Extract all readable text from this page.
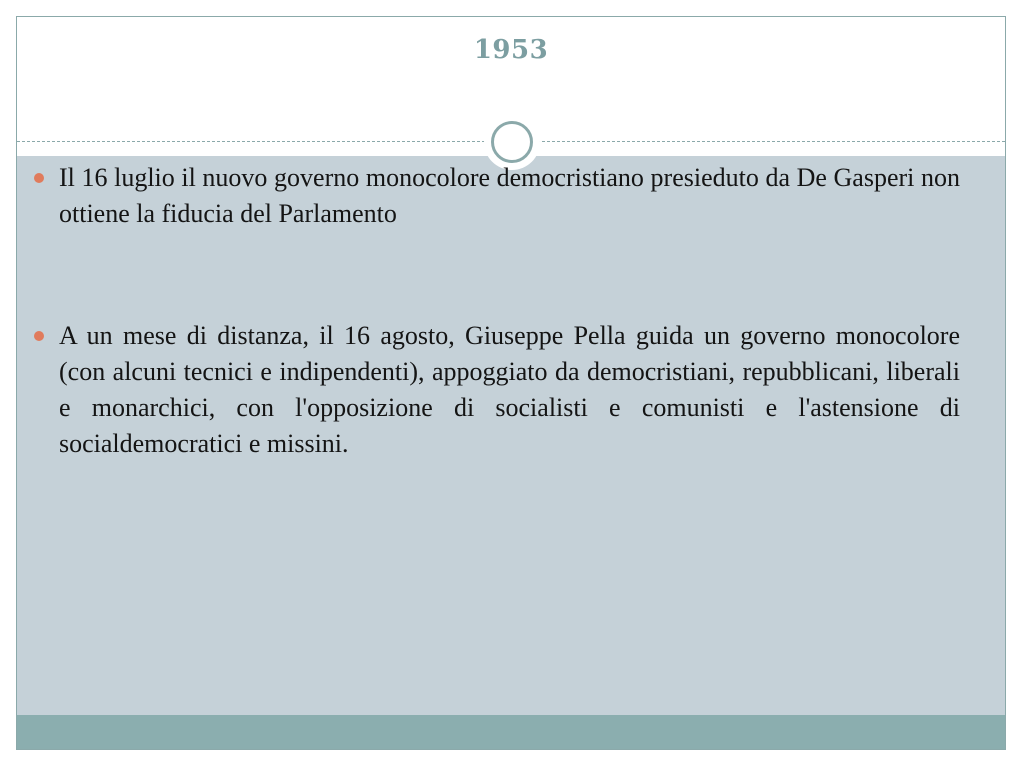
1953
Il 16 luglio il nuovo governo monocolore democristiano presieduto da De Gasperi non ottiene la fiducia del Parlamento
A un mese di distanza, il 16 agosto, Giuseppe Pella guida un governo monocolore (con alcuni tecnici e indipendenti), appoggiato da democristiani, repubblicani, liberali e monarchici, con l'opposizione di socialisti e comunisti e l'astensione di socialdemocratici e missini.
